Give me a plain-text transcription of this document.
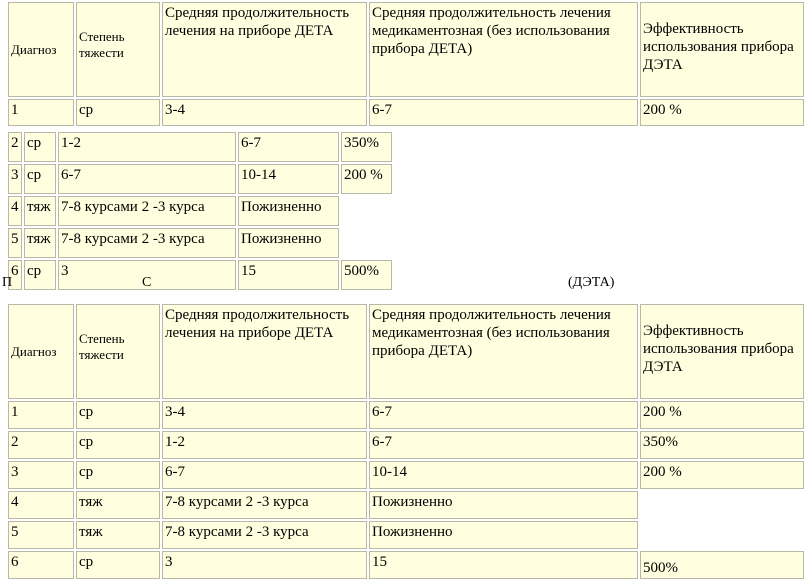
Диагноз	Степень тяжести	Средняя продолжительность лечения на приборе ДЕТА	Средняя продолжительность лечения медикаментозная (без использования прибора ДЕТА)	Эффективность использования прибора ДЭТА
1	ср	3-4	6-7	200 %
2	ср	1-2	6-7	350%
3	ср	6-7	10-14	200 %
4	тяж	7-8 курсами 2 -3 курса	Пожизненно	
5	тяж	7-8 курсами 2 -3 курса	Пожизненно	
6	ср	3	15	500%
П	С	(ДЭТА)
Диагноз	Степень тяжести	Средняя продолжительность лечения на приборе ДЕТА	Средняя продолжительность лечения медикаментозная (без использования прибора ДЕТА)	Эффективность использования прибора ДЭТА
1	ср	3-4	6-7	200 %
2	ср	1-2	6-7	350%
3	ср	6-7	10-14	200 %
4	тяж	7-8 курсами 2 -3 курса	Пожизненно	
5	тяж	7-8 курсами 2 -3 курса	Пожизненно	
6	ср	3	15	500%
